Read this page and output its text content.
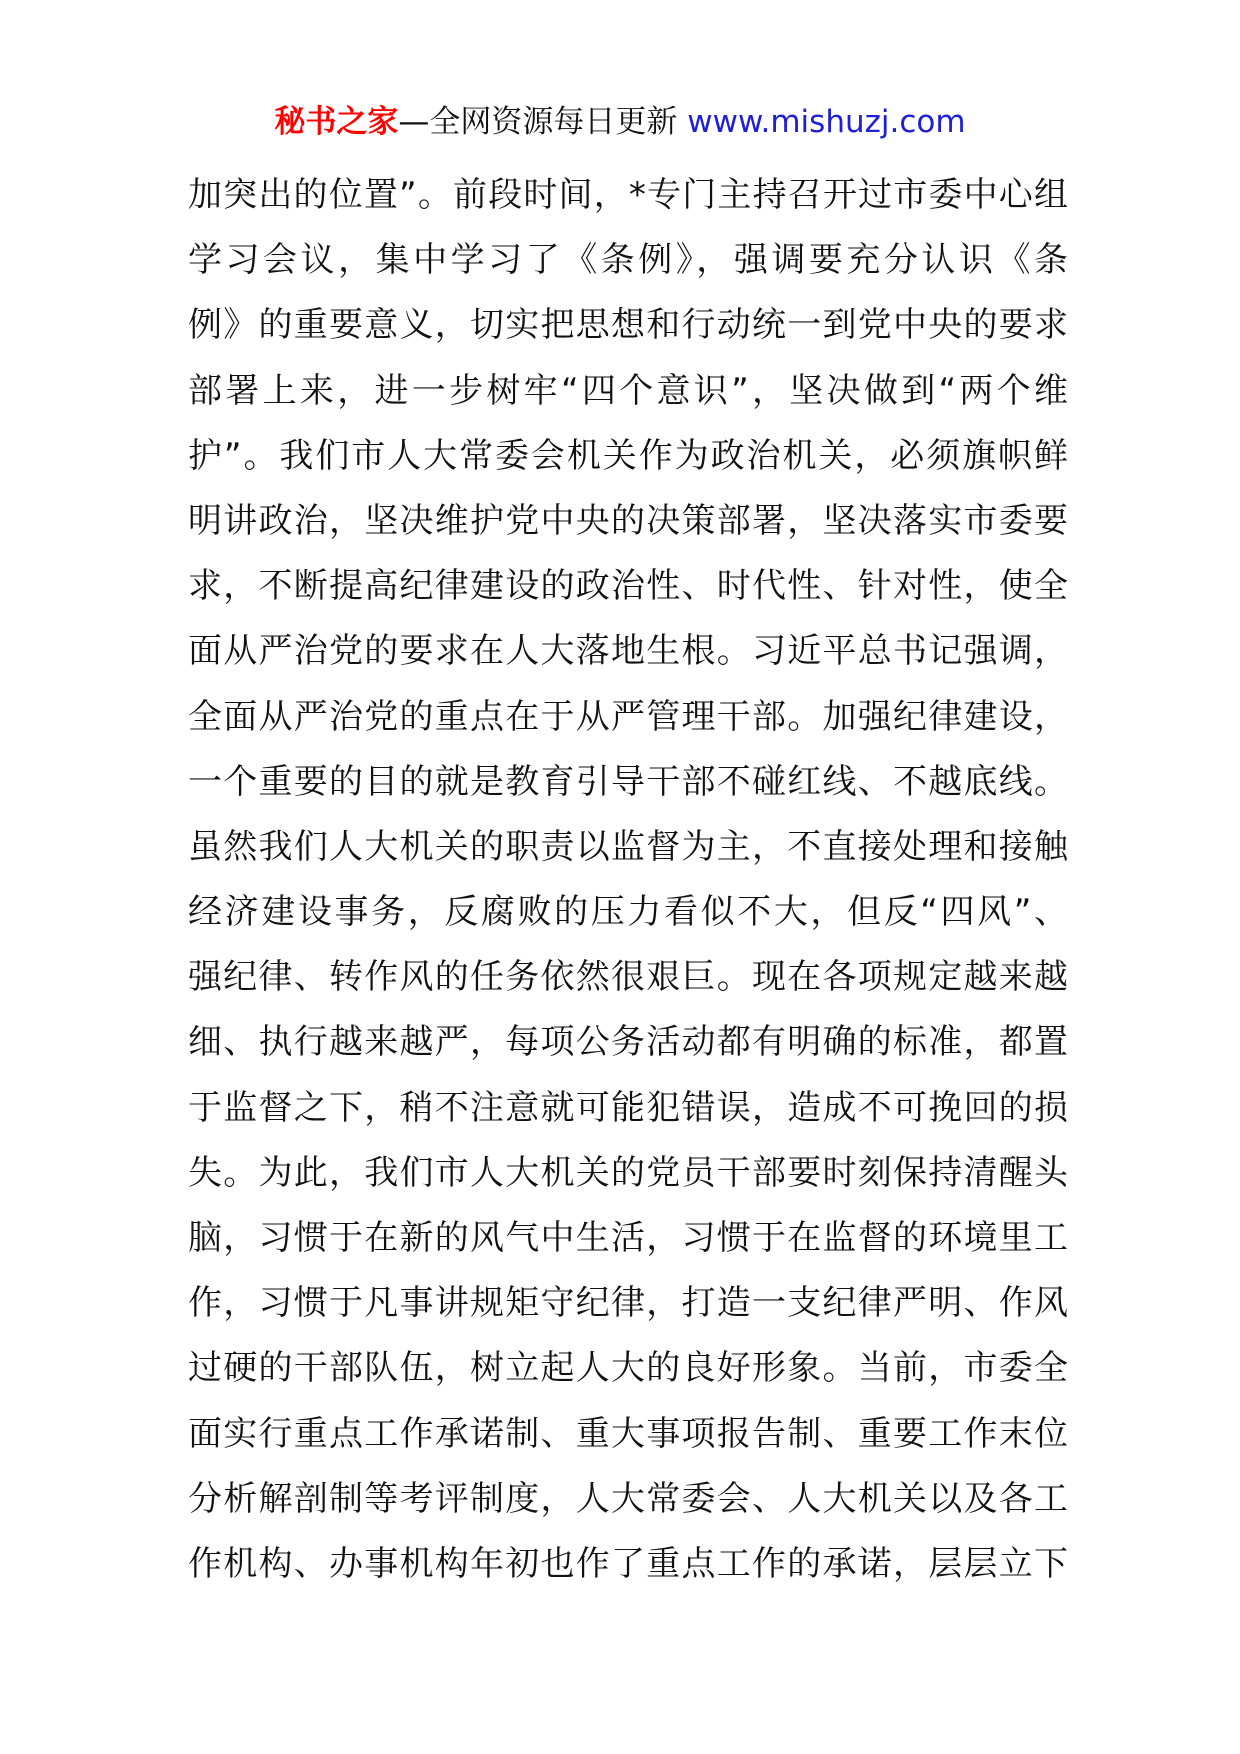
秘书之家—全网资源每日更新 www.mishuzj.com
加突出的位置”。前段时间，*专门主持召开过市委中心组
学习会议，集中学习了《条例》，强调要充分认识《条
例》的重要意义，切实把思想和行动统一到党中央的要求
部署上来，进一步树牢“四个意识”，坚决做到“两个维
护”。我们市人大常委会机关作为政治机关，必须旗帜鲜
明讲政治，坚决维护党中央的决策部署，坚决落实市委要
求，不断提高纪律建设的政治性、时代性、针对性，使全
面从严治党的要求在人大落地生根。习近平总书记强调，
全面从严治党的重点在于从严管理干部。加强纪律建设，
一个重要的目的就是教育引导干部不碰红线、不越底线。
虽然我们人大机关的职责以监督为主，不直接处理和接触
经济建设事务，反腐败的压力看似不大，但反“四风”、
强纪律、转作风的任务依然很艰巨。现在各项规定越来越
细、执行越来越严，每项公务活动都有明确的标准，都置
于监督之下，稍不注意就可能犯错误，造成不可挽回的损
失。为此，我们市人大机关的党员干部要时刻保持清醒头
脑，习惯于在新的风气中生活，习惯于在监督的环境里工
作，习惯于凡事讲规矩守纪律，打造一支纪律严明、作风
过硬的干部队伍，树立起人大的良好形象。当前，市委全
面实行重点工作承诺制、重大事项报告制、重要工作末位
分析解剖制等考评制度，人大常委会、人大机关以及各工
作机构、办事机构年初也作了重点工作的承诺，层层立下
